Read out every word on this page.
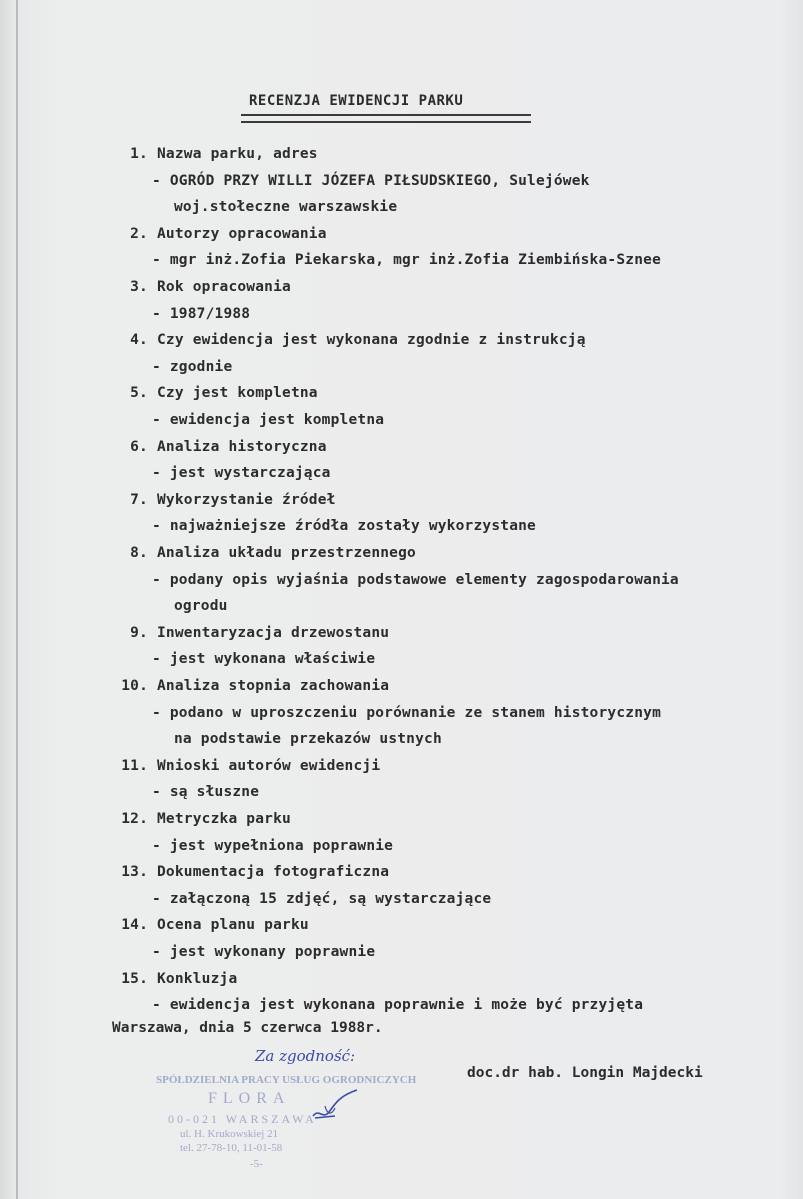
RECENZJA EWIDENCJI PARKU
1. Nazwa parku, adres
- OGRÓD PRZY WILLI JÓZEFA PIŁSUDSKIEGO, Sulejówek
woj.stołeczne warszawskie
2. Autorzy opracowania
- mgr inż.Zofia Piekarska, mgr inż.Zofia Ziembińska-Sznee
3. Rok opracowania
- 1987/1988
4. Czy ewidencja jest wykonana zgodnie z instrukcją
- zgodnie
5. Czy jest kompletna
- ewidencja jest kompletna
6. Analiza historyczna
- jest wystarczająca
7. Wykorzystanie źródeł
- najważniejsze źródła zostały wykorzystane
8. Analiza układu przestrzennego
- podany opis wyjaśnia podstawowe elementy zagospodarowania
ogrodu
9. Inwentaryzacja drzewostanu
- jest wykonana właściwie
10. Analiza stopnia zachowania
- podano w uproszczeniu porównanie ze stanem historycznym
na podstawie przekazów ustnych
11. Wnioski autorów ewidencji
- są słuszne
12. Metryczka parku
- jest wypełniona poprawnie
13. Dokumentacja fotograficzna
- załączoną 15 zdjęć, są wystarczające
14. Ocena planu parku
- jest wykonany poprawnie
15. Konkluzja
- ewidencja jest wykonana poprawnie i może być przyjęta
Warszawa, dnia 5 czerwca 1988r.
Za zgodność:
doc.dr hab. Longin Majdecki
SPÓŁDZIELNIA PRACY USŁUG OGRODNICZYCH
FLORA
00-021 WARSZAWA
ul. H. Krukowskiej 21
tel. 27-78-10, 11-01-58
-5-
